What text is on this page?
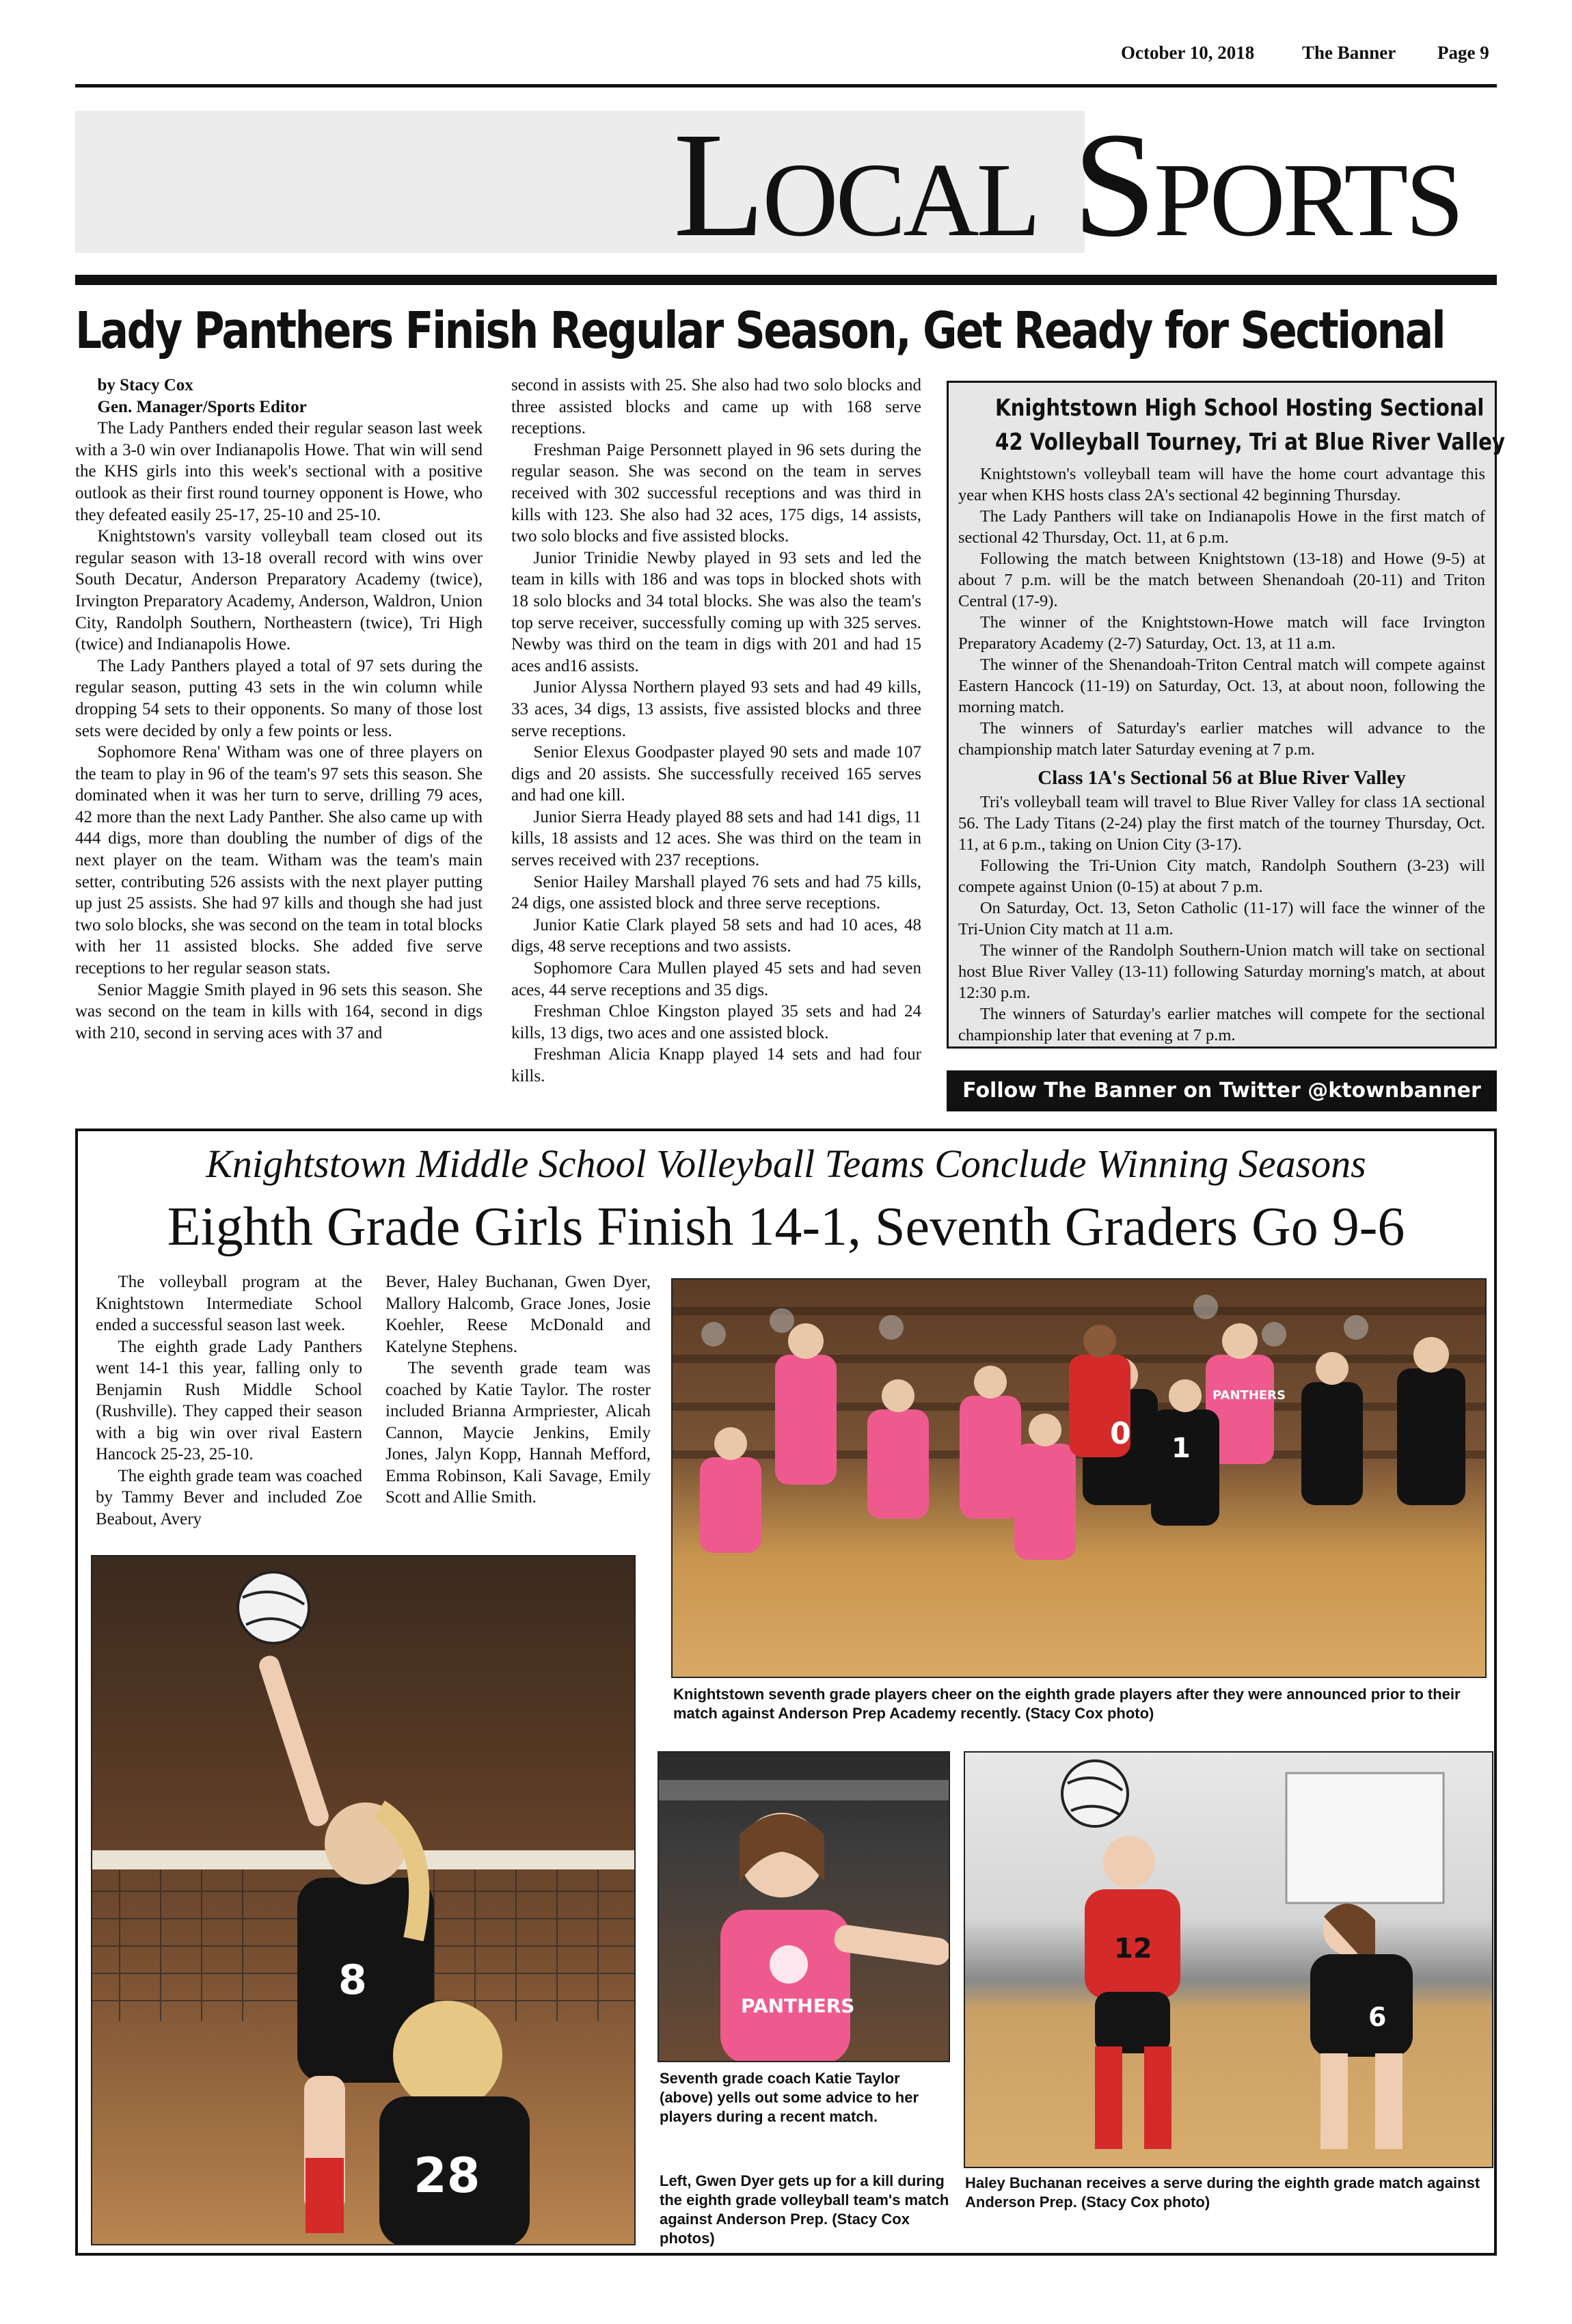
October 10, 2018	The Banner Page 9
Local Sports
Lady Panthers Finish Regular Season, Get Ready for Sectional

by Stacy Cox

Gen. Manager/Sports Editor

The Lady Panthers ended their regular season last week with a 3-0 win over Indianapolis Howe. That win will send the KHS girls into this week's sectional with a positive outlook as their first round tourney opponent is Howe, who they defeated easily 25-17, 25-10 and 25-10.

Knightstown's varsity volleyball team closed out its regular season with 13-18 overall record with wins over South Decatur, Anderson Preparatory Academy (twice), Irvington Preparatory Academy, Anderson, Waldron, Union City, Randolph Southern, Northeastern (twice), Tri High (twice) and Indianapolis Howe.

The Lady Panthers played a total of 97 sets during the regular season, putting 43 sets in the win column while dropping 54 sets to their opponents. So many of those lost sets were decided by only a few points or less.

Sophomore Rena' Witham was one of three players on the team to play in 96 of the team's 97 sets this season. She dominated when it was her turn to serve, drilling 79 aces, 42 more than the next Lady Panther. She also came up with 444 digs, more than doubling the number of digs of the next player on the team. Witham was the team's main setter, contributing 526 assists with the next player putting up just 25 assists. She had 97 kills and though she had just two solo blocks, she was second on the team in total blocks with her 11 assisted blocks. She added five serve receptions to her regular season stats.

Senior Maggie Smith played in 96 sets this season. She was second on the team in kills with 164, second in digs with 210, second in serving aces with 37 and

second in assists with 25. She also had two solo blocks and three assisted blocks and came up with 168 serve receptions.

Freshman Paige Personnett played in 96 sets during the regular season. She was second on the team in serves received with 302 successful receptions and was third in kills with 123. She also had 32 aces, 175 digs, 14 assists, two solo blocks and five assisted blocks.

Junior Trinidie Newby played in 93 sets and led the team in kills with 186 and was tops in blocked shots with 18 solo blocks and 34 total blocks. She was also the team's top serve receiver, successfully coming up with 325 serves. Newby was third on the team in digs with 201 and had 15 aces and16 assists.

Junior Alyssa Northern played 93 sets and had 49 kills, 33 aces, 34 digs, 13 assists, five assisted blocks and three serve receptions.

Senior Elexus Goodpaster played 90 sets and made 107 digs and 20 assists. She successfully received 165 serves and had one kill.

Junior Sierra Heady played 88 sets and had 141 digs, 11 kills, 18 assists and 12 aces. She was third on the team in serves received with 237 receptions.

Senior Hailey Marshall played 76 sets and had 75 kills, 24 digs, one assisted block and three serve receptions.

Junior Katie Clark played 58 sets and had 10 aces, 48 digs, 48 serve receptions and two assists.

Sophomore Cara Mullen played 45 sets and had seven aces, 44 serve receptions and 35 digs.

Freshman Chloe Kingston played 35 sets and had 24 kills, 13 digs, two aces and one assisted block.

Freshman Alicia Knapp played 14 sets and had four kills.

Knightstown High School Hosting Sectional
42 Volleyball Tourney, Tri at Blue River Valley

Knightstown's volleyball team will have the home court advantage this year when KHS hosts class 2A's sectional 42 beginning Thursday.

The Lady Panthers will take on Indianapolis Howe in the first match of sectional 42 Thursday, Oct. 11, at 6 p.m.

Following the match between Knightstown (13-18) and Howe (9-5) at about 7 p.m. will be the match between Shenandoah (20-11) and Triton Central (17-9).

The winner of the Knightstown-Howe match will face Irvington Preparatory Academy (2-7) Saturday, Oct. 13, at 11 a.m.

The winner of the Shenandoah-Triton Central match will compete against Eastern Hancock (11-19) on Saturday, Oct. 13, at about noon, following the morning match.

The winners of Saturday's earlier matches will advance to the championship match later Saturday evening at 7 p.m.

Class 1A's Sectional 56 at Blue River Valley

Tri's volleyball team will travel to Blue River Valley for class 1A sectional 56. The Lady Titans (2-24) play the first match of the tourney Thursday, Oct. 11, at 6 p.m., taking on Union City (3-17).

Following the Tri-Union City match, Randolph Southern (3-23) will compete against Union (0-15) at about 7 p.m.

On Saturday, Oct. 13, Seton Catholic (11-17) will face the winner of the Tri-Union City match at 11 a.m.

The winner of the Randolph Southern-Union match will take on sectional host Blue River Valley (13-11) following Saturday morning's match, at about 12:30 p.m.

The winners of Saturday's earlier matches will compete for the sectional championship later that evening at 7 p.m.

Follow The Banner on Twitter @ktownbanner
Knightstown Middle School Volleyball Teams Conclude Winning Seasons
Eighth Grade Girls Finish 14-1, Seventh Graders Go 9-6

The volleyball program at the Knightstown Intermediate School ended a successful season last week.

The eighth grade Lady Panthers went 14-1 this year, falling only to Benjamin Rush Middle School (Rushville). They capped their season with a big win over rival Eastern Hancock 25-23, 25-10.

The eighth grade team was coached by Tammy Bever and included Zoe Beabout, Avery

Bever, Haley Buchanan, Gwen Dyer, Mallory Halcomb, Grace Jones, Josie Koehler, Reese McDonald and Katelyne Stephens.

The seventh grade team was coached by Katie Taylor. The roster included Brianna Armpriester, Alicah Cannon, Maycie Jenkins, Emily Jones, Jalyn Kopp, Hannah Mefford, Emma Robinson, Kali Savage, Emily Scott and Allie Smith.

0 1
PANTHERS
Knightstown seventh grade players cheer on the eighth grade players after they were announced prior to their match against Anderson Prep Academy recently. (Stacy Cox photo)
8
28
PANTHERS
Seventh grade coach Katie Taylor (above) yells out some advice to her players during a recent match.
Left, Gwen Dyer gets up for a kill during the eighth grade volleyball team's match against Anderson Prep. (Stacy Cox photos)
12
6
Haley Buchanan receives a serve during the eighth grade match against Anderson Prep. (Stacy Cox photo)
